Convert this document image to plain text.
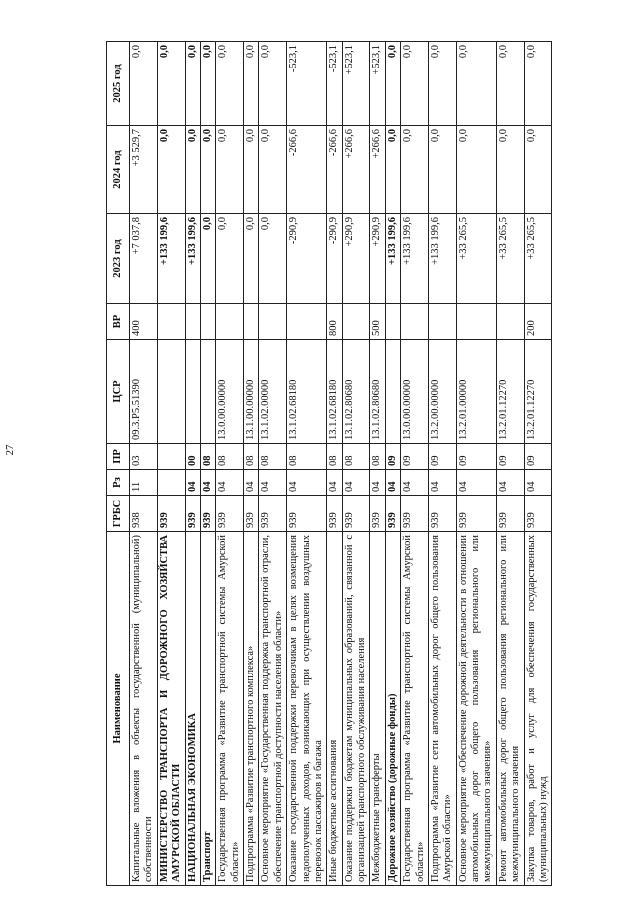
27
Наименование	ГРБС	Рз	ПР	ЦСР	ВР	2023 год	2024 год	2025 год
Капитальные вложения в объекты государственной (муниципальной) собственности	938	11	03	09.3.P5.51390	400	+7 037,8	+3 529,7	0,0
МИНИСТЕРСТВО ТРАНСПОРТА И ДОРОЖНОГО ХОЗЯЙСТВА АМУРСКОЙ ОБЛАСТИ	939					+133 199,6	0,0	0,0
НАЦИОНАЛЬНАЯ ЭКОНОМИКА	939	04	00			+133 199,6	0,0	0,0
Транспорт	939	04	08			0,0	0,0	0,0
Государственная программа «Развитие транспортной системы Амурской области»	939	04	08	13.0.00.00000		0,0	0,0	0,0
Подпрограмма «Развитие транспортного комплекса»	939	04	08	13.1.00.00000		0,0	0,0	0,0
Основное мероприятие «Государственная поддержка транспортной отрасли, обеспечение транспортной доступности населения области»	939	04	08	13.1.02.00000		0,0	0,0	0,0
Оказание государственной поддержки перевозчикам в целях возмещения недополученных доходов, возникающих при осуществлении воздушных перевозок пассажиров и багажа	939	04	08	13.1.02.68180		-290,9	-266,6	-523,1
Иные бюджетные ассигнования	939	04	08	13.1.02.68180	800	-290,9	-266,6	-523,1
Оказание поддержки бюджетам муниципальных образований, связанной с организацией транспортного обслуживания населения	939	04	08	13.1.02.80680		+290,9	+266,6	+523,1
Межбюджетные трансферты	939	04	08	13.1.02.80680	500	+290,9	+266,6	+523,1
Дорожное хозяйство (дорожные фонды)	939	04	09			+133 199,6	0,0	0,0
Государственная программа «Развитие транспортной системы Амурской области»	939	04	09	13.0.00.00000		+133 199,6	0,0	0,0
Подпрограмма «Развитие сети автомобильных дорог общего пользования Амурской области»	939	04	09	13.2.00.00000		+133 199,6	0,0	0,0
Основное мероприятие «Обеспечение дорожной деятельности в отношении автомобильных дорог общего пользования регионального или межмуниципального значения»	939	04	09	13.2.01.00000		+33 265,5	0,0	0,0
Ремонт автомобильных дорог общего пользования регионального или межмуниципального значения	939	04	09	13.2.01.12270		+33 265,5	0,0	0,0
Закупка товаров, работ и услуг для обеспечения государственных (муниципальных) нужд	939	04	09	13.2.01.12270	200	+33 265,5	0,0	0,0
